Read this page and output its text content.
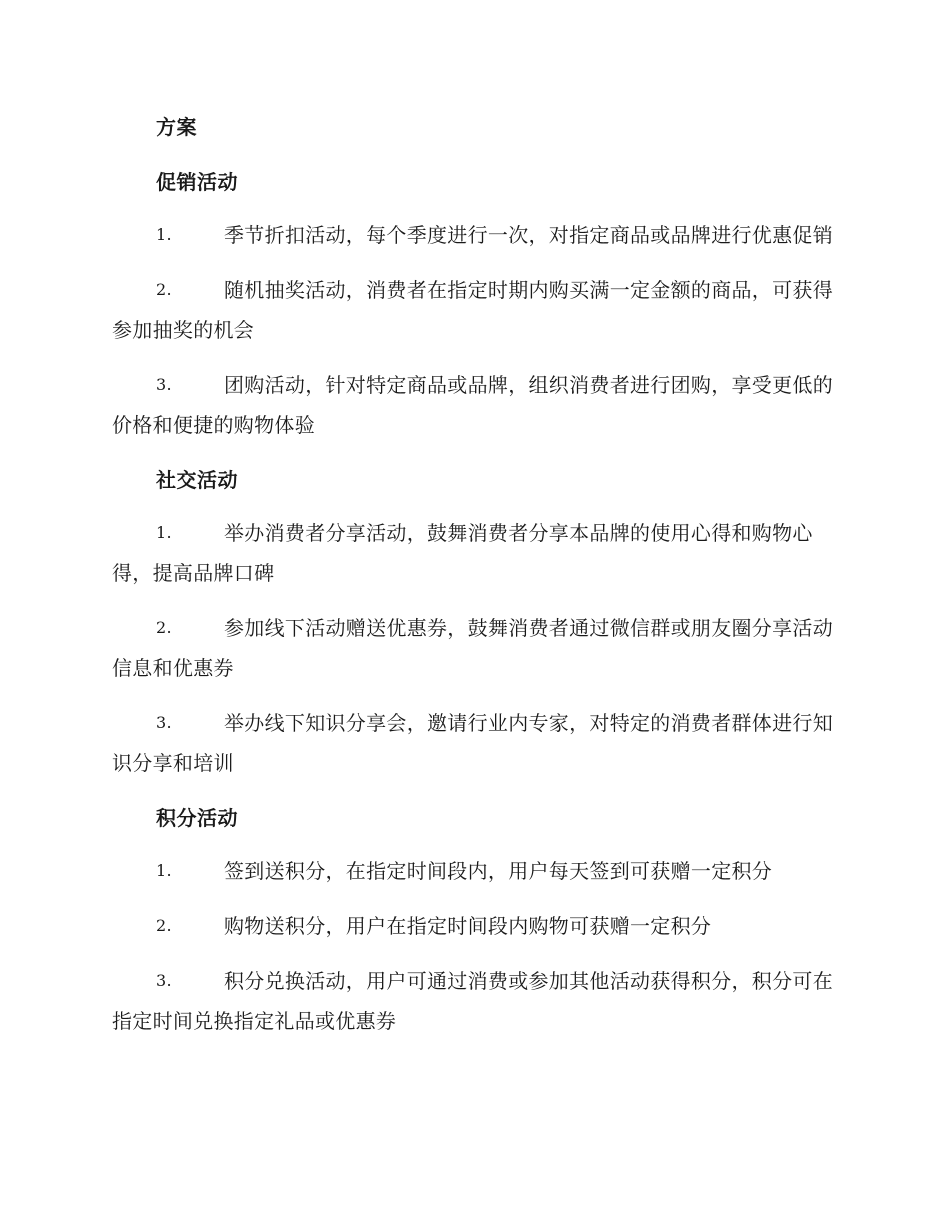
方案
促销活动
1.	季节折扣活动，每个季度进行一次，对指定商品或品牌进行优惠促销
2.	随机抽奖活动，消费者在指定时期内购买满一定金额的商品，可获得参加抽奖的机会
3.	团购活动，针对特定商品或品牌，组织消费者进行团购，享受更低的价格和便捷的购物体验
社交活动
1.	举办消费者分享活动，鼓舞消费者分享本品牌的使用心得和购物心得，提高品牌口碑
2.	参加线下活动赠送优惠券，鼓舞消费者通过微信群或朋友圈分享活动信息和优惠券
3.	举办线下知识分享会，邀请行业内专家，对特定的消费者群体进行知识分享和培训
积分活动
1.	签到送积分，在指定时间段内，用户每天签到可获赠一定积分
2.	购物送积分，用户在指定时间段内购物可获赠一定积分
3.	积分兑换活动，用户可通过消费或参加其他活动获得积分，积分可在指定时间兑换指定礼品或优惠券
